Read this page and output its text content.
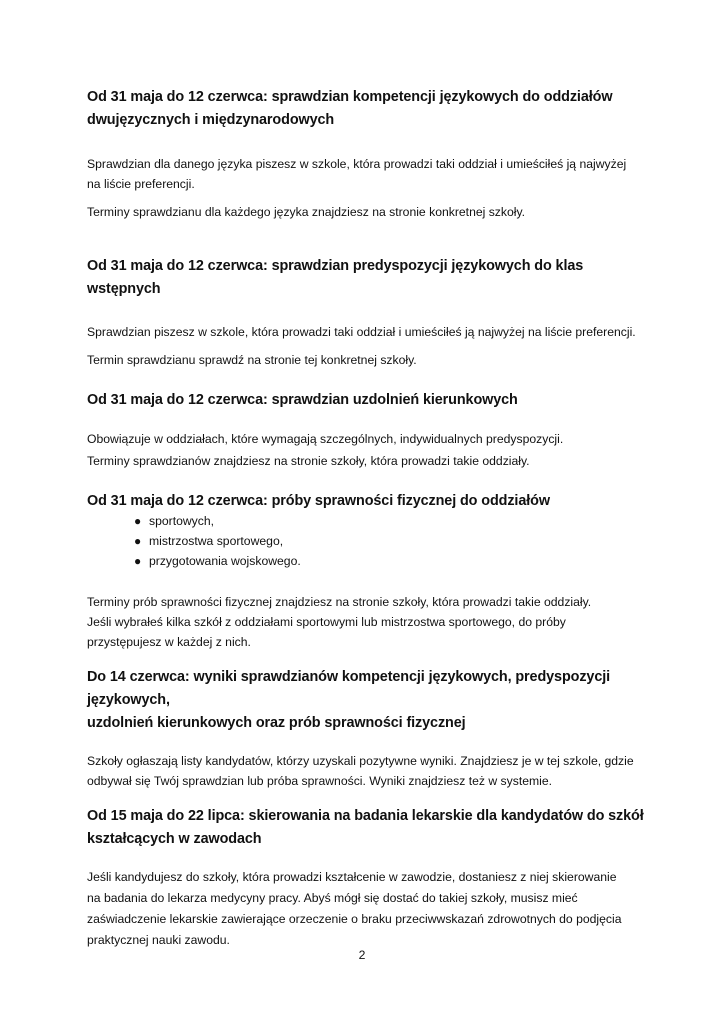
Od 31 maja do 12 czerwca: sprawdzian kompetencji językowych do oddziałów
dwujęzycznych i międzynarodowych

Sprawdzian dla danego języka piszesz w szkole, która prowadzi taki oddział i umieściłeś ją najwyżej
na liście preferencji.

Terminy sprawdzianu dla każdego języka znajdziesz na stronie konkretnej szkoły.

Od 31 maja do 12 czerwca: sprawdzian predyspozycji językowych do klas wstępnych

Sprawdzian piszesz w szkole, która prowadzi taki oddział i umieściłeś ją najwyżej na liście preferencji.

Termin sprawdzianu sprawdź na stronie tej konkretnej szkoły.

Od 31 maja do 12 czerwca: sprawdzian uzdolnień kierunkowych

Obowiązuje w oddziałach, które wymagają szczególnych, indywidualnych predyspozycji.

Terminy sprawdzianów znajdziesz na stronie szkoły, która prowadzi takie oddziały.

Od 31 maja do 12 czerwca: próby sprawności fizycznej do oddziałów

● sportowych,
● mistrzostwa sportowego,
● przygotowania wojskowego.

Terminy prób sprawności fizycznej znajdziesz na stronie szkoły, która prowadzi takie oddziały.

Jeśli wybrałeś kilka szkół z oddziałami sportowymi lub mistrzostwa sportowego, do próby
przystępujesz w każdej z nich.

Do 14 czerwca: wyniki sprawdzianów kompetencji językowych, predyspozycji językowych,
uzdolnień kierunkowych oraz prób sprawności fizycznej

Szkoły ogłaszają listy kandydatów, którzy uzyskali pozytywne wyniki. Znajdziesz je w tej szkole, gdzie
odbywał się Twój sprawdzian lub próba sprawności. Wyniki znajdziesz też w systemie.

Od 15 maja do 22 lipca: skierowania na badania lekarskie dla kandydatów do szkół
kształcących w zawodach

Jeśli kandydujesz do szkoły, która prowadzi kształcenie w zawodzie, dostaniesz z niej skierowanie
na badania do lekarza medycyny pracy. Abyś mógł się dostać do takiej szkoły, musisz mieć
zaświadczenie lekarskie zawierające orzeczenie o braku przeciwwskazań zdrowotnych do podjęcia
praktycznej nauki zawodu.

2
